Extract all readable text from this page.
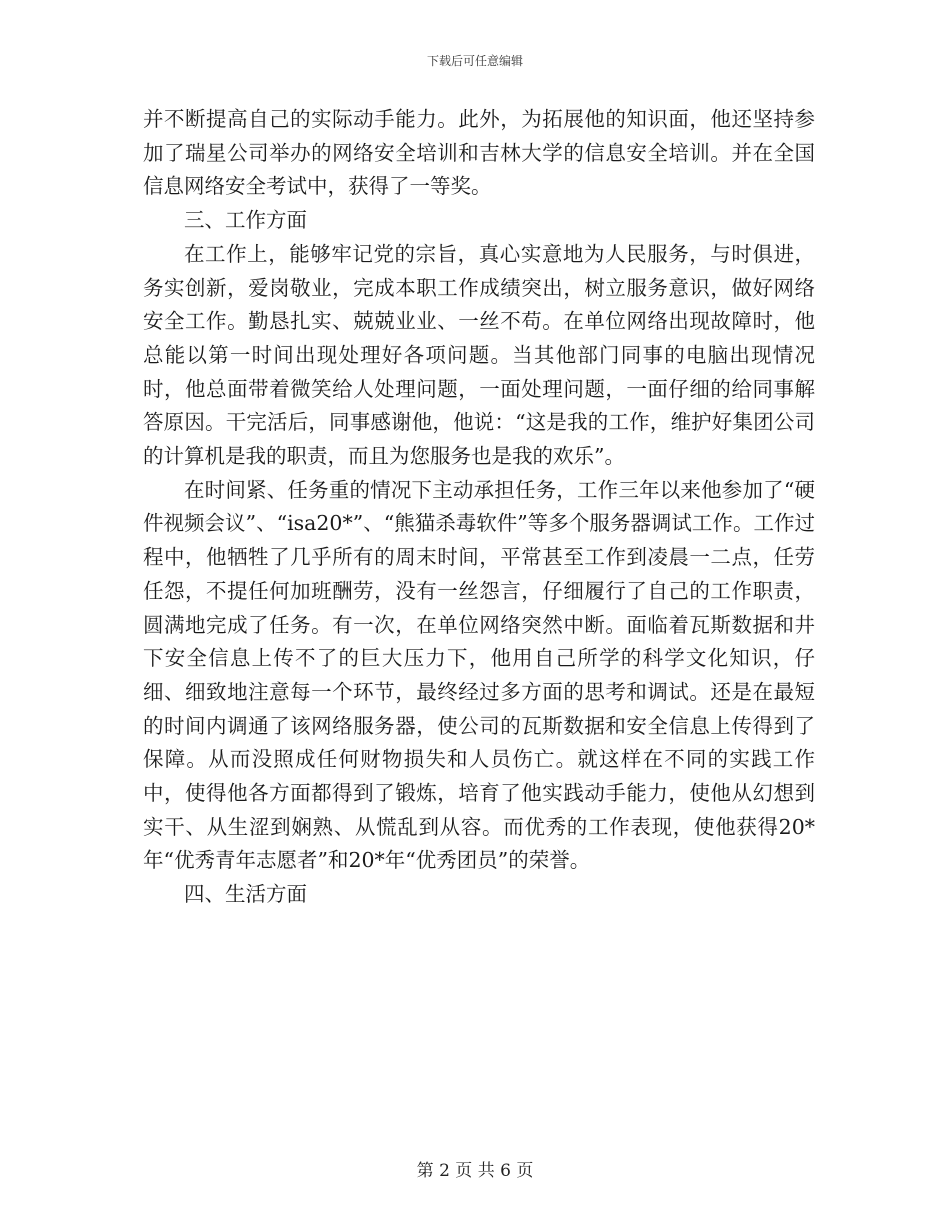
下载后可任意编辑

并不断提高自己的实际动手能力。此外，为拓展他的知识面，他还坚持参加了瑞星公司举办的网络安全培训和吉林大学的信息安全培训。并在全国信息网络安全考试中，获得了一等奖。

三、工作方面

在工作上，能够牢记党的宗旨，真心实意地为人民服务，与时俱进，务实创新，爱岗敬业，完成本职工作成绩突出，树立服务意识，做好网络安全工作。勤恳扎实、兢兢业业、一丝不苟。在单位网络出现故障时，他总能以第一时间出现处理好各项问题。当其他部门同事的电脑出现情况时，他总面带着微笑给人处理问题，一面处理问题，一面仔细的给同事解答原因。干完活后，同事感谢他，他说：“这是我的工作，维护好集团公司的计算机是我的职责，而且为您服务也是我的欢乐”。

在时间紧、任务重的情况下主动承担任务，工作三年以来他参加了“硬件视频会议”、“isa20*”、“熊猫杀毒软件”等多个服务器调试工作。工作过程中，他牺牲了几乎所有的周末时间，平常甚至工作到凌晨一二点，任劳任怨，不提任何加班酬劳，没有一丝怨言，仔细履行了自己的工作职责，圆满地完成了任务。有一次，在单位网络突然中断。面临着瓦斯数据和井下安全信息上传不了的巨大压力下，他用自己所学的科学文化知识，仔细、细致地注意每一个环节，最终经过多方面的思考和调试。还是在最短的时间内调通了该网络服务器，使公司的瓦斯数据和安全信息上传得到了保障。从而没照成任何财物损失和人员伤亡。就这样在不同的实践工作中，使得他各方面都得到了锻炼，培育了他实践动手能力，使他从幻想到实干、从生涩到娴熟、从慌乱到从容。而优秀的工作表现，使他获得20*年“优秀青年志愿者”和20*年“优秀团员”的荣誉。

四、生活方面

第 2 页 共 6 页
